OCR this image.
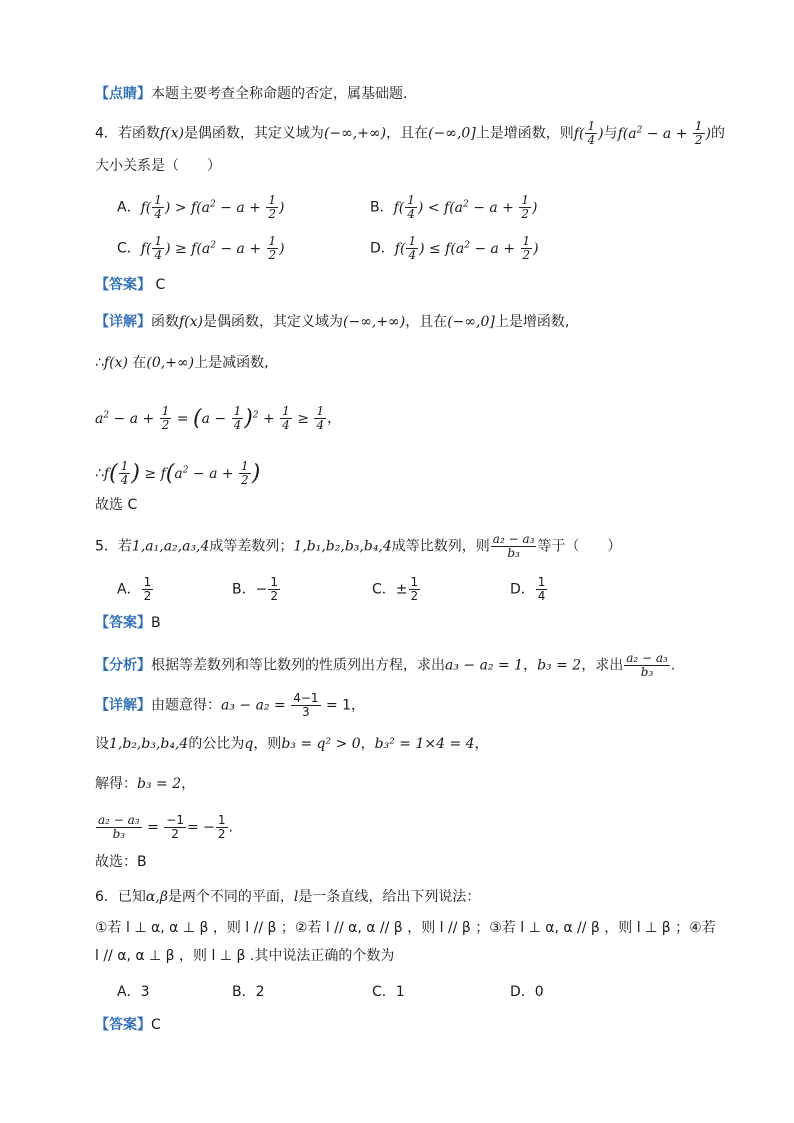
【点睛】本题主要考查全称命题的否定，属基础题.
4．若函数f(x)是偶函数，其定义域为(−∞,+∞)，且在(−∞,0]上是增函数，则$f( \frac{1}{4}$ )与$f(a^2 - a + \frac{1}{2}$ )的
大小关系是（　　）
A．$f( \frac{1}{4}$ ) > $f(a^2 - a + \frac{1}{2}$ )	B．$f( \frac{1}{4}$ ) < $f(a^2 - a + \frac{1}{2}$ )
C．$f( \frac{1}{4}$ ) ≥ $f(a^2 - a + \frac{1}{2}$ )	D．$f( \frac{1}{4}$ ) ≤ $f(a^2 - a + \frac{1}{2}$ )
【答案】 C
【详解】函数f(x)是偶函数，其定义域为(−∞,+∞)，且在(−∞,0]上是增函数,
∴f(x) 在(0,+∞)上是减函数,
$a^2 - a + \frac{1}{2} = (a - \frac{1}{4} )^2 + \frac{1}{4} \ge \frac{1}{4}$ ，
∴f( $\frac{1}{4}$ ) ≥ $f(a^2 - a + \frac{1}{2}$ )
故选 C
5．若1,a₁,a₂,a₃,4成等差数列；1,b₁,b₂,b₃,b₄,4成等比数列，则 $\frac{\text{a₂ − a₃}}{\text{b₃}}$ 等于（　　）
A． $\frac{1}{2}$	B．− $\frac{1}{2}$	C．± $\frac{1}{2}$	D． $\frac{1}{4}$
【答案】B
【分析】根据等差数列和等比数列的性质列出方程，求出a₃ − a₂ = 1，b₃ = 2，求出 $\frac{\text{a₂ − a₃}}{\text{b₃}}$ .
【详解】由题意得：$a_3 - a_2 = \frac{4-1}{3} = 1$，
设1,b₂,b₃,b₄,4的公比为q，则b₃ = q² > 0，b₃² = 1×4 = 4，
解得：b₃ = 2，
$\frac{\text{a₂ − a₃}}{\text{b₃}} = \frac{-1}{2}$ = − $\frac{1}{2}$ .
故选：B
6．已知α,β是两个不同的平面，l是一条直线，给出下列说法：
①若 l ⊥ α, α ⊥ β ，则 l // β ；②若 l // α, α // β ，则 l // β ；③若 l ⊥ α, α // β ，则 l ⊥ β ；④若
l // α, α ⊥ β ，则 l ⊥ β .其中说法正确的个数为
A．3	B．2	C．1	D．0
【答案】C
